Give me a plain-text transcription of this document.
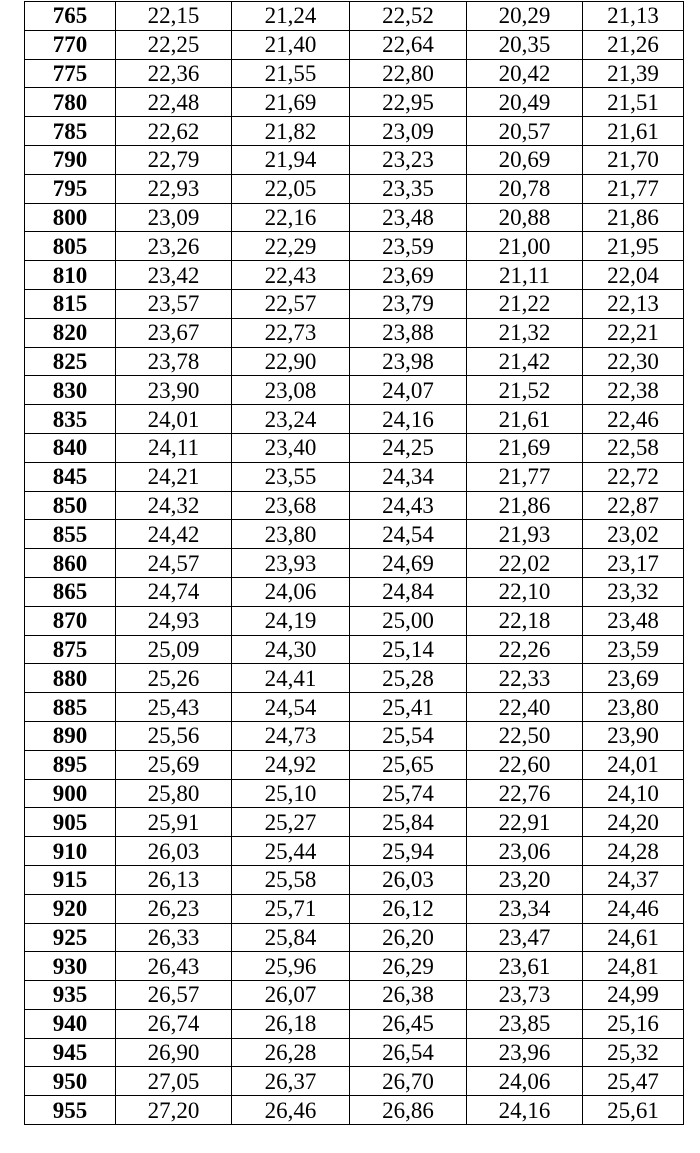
765	22,15	21,24	22,52	20,29	21,13
770	22,25	21,40	22,64	20,35	21,26
775	22,36	21,55	22,80	20,42	21,39
780	22,48	21,69	22,95	20,49	21,51
785	22,62	21,82	23,09	20,57	21,61
790	22,79	21,94	23,23	20,69	21,70
795	22,93	22,05	23,35	20,78	21,77
800	23,09	22,16	23,48	20,88	21,86
805	23,26	22,29	23,59	21,00	21,95
810	23,42	22,43	23,69	21,11	22,04
815	23,57	22,57	23,79	21,22	22,13
820	23,67	22,73	23,88	21,32	22,21
825	23,78	22,90	23,98	21,42	22,30
830	23,90	23,08	24,07	21,52	22,38
835	24,01	23,24	24,16	21,61	22,46
840	24,11	23,40	24,25	21,69	22,58
845	24,21	23,55	24,34	21,77	22,72
850	24,32	23,68	24,43	21,86	22,87
855	24,42	23,80	24,54	21,93	23,02
860	24,57	23,93	24,69	22,02	23,17
865	24,74	24,06	24,84	22,10	23,32
870	24,93	24,19	25,00	22,18	23,48
875	25,09	24,30	25,14	22,26	23,59
880	25,26	24,41	25,28	22,33	23,69
885	25,43	24,54	25,41	22,40	23,80
890	25,56	24,73	25,54	22,50	23,90
895	25,69	24,92	25,65	22,60	24,01
900	25,80	25,10	25,74	22,76	24,10
905	25,91	25,27	25,84	22,91	24,20
910	26,03	25,44	25,94	23,06	24,28
915	26,13	25,58	26,03	23,20	24,37
920	26,23	25,71	26,12	23,34	24,46
925	26,33	25,84	26,20	23,47	24,61
930	26,43	25,96	26,29	23,61	24,81
935	26,57	26,07	26,38	23,73	24,99
940	26,74	26,18	26,45	23,85	25,16
945	26,90	26,28	26,54	23,96	25,32
950	27,05	26,37	26,70	24,06	25,47
955	27,20	26,46	26,86	24,16	25,61
